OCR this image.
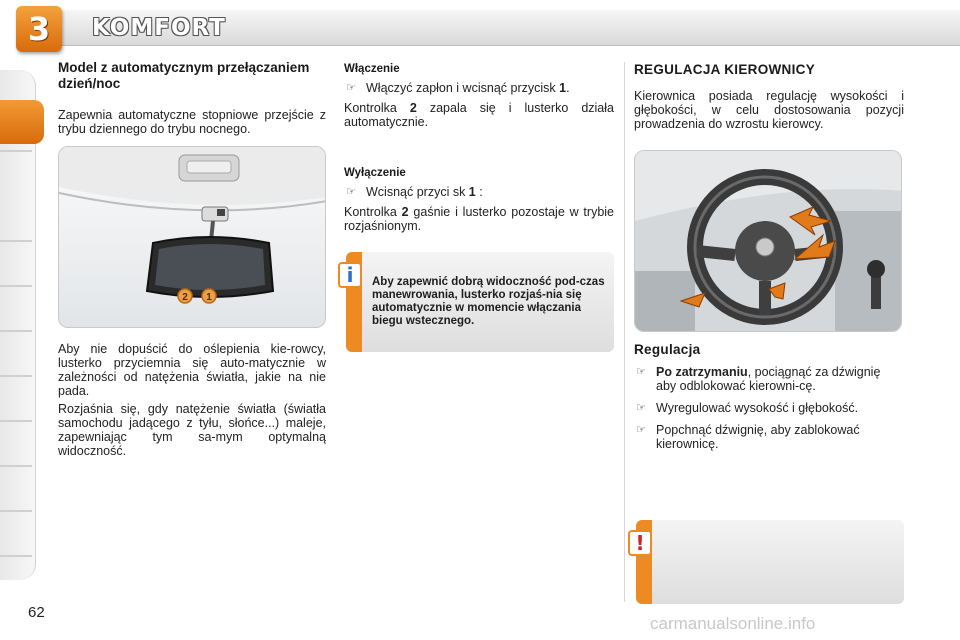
3	KOMFORT
Model z automatycznym przełączaniem dzień/noc
Zapewnia automatyczne stopniowe przejście z trybu dziennego do trybu nocnego.
2 1
Aby nie dopuścić do oślepienia kie-rowcy, lusterko przyciemnia się auto-matycznie w zależności od natężenia światła, jakie na nie pada.
Rozjaśnia się, gdy natężenie światła (światła samochodu jadącego z tyłu, słońce...) maleje, zapewniając tym sa-mym optymalną widoczność.
Włączenie
☞ Włączyć zapłon i wcisnąć przycisk 1.
Kontrolka 2 zapala się i lusterko działa automatycznie.
Wyłączenie
☞ Wcisnąć przyci sk 1 :
Kontrolka 2 gaśnie i lusterko pozostaje w trybie rozjaśnionym.
i	Aby zapewnić dobrą widoczność pod-czas manewrowania, lusterko rozjaś-nia się automatycznie w momencie włączania biegu wstecznego.
REGULACJA KIEROWNICY
Kierownica posiada regulację wysokości i głębokości, w celu dostosowania pozycji prowadzenia do wzrostu kierowcy.
Regulacja
☞ Po zatrzymaniu, pociągnąć za dźwignię aby odblokować kierowni-cę.
☞ Wyregulować wysokość i głębokość.
☞ Popchnąć dźwignię, aby zablokować kierownicę.
!
62
carmanualsonline.info
